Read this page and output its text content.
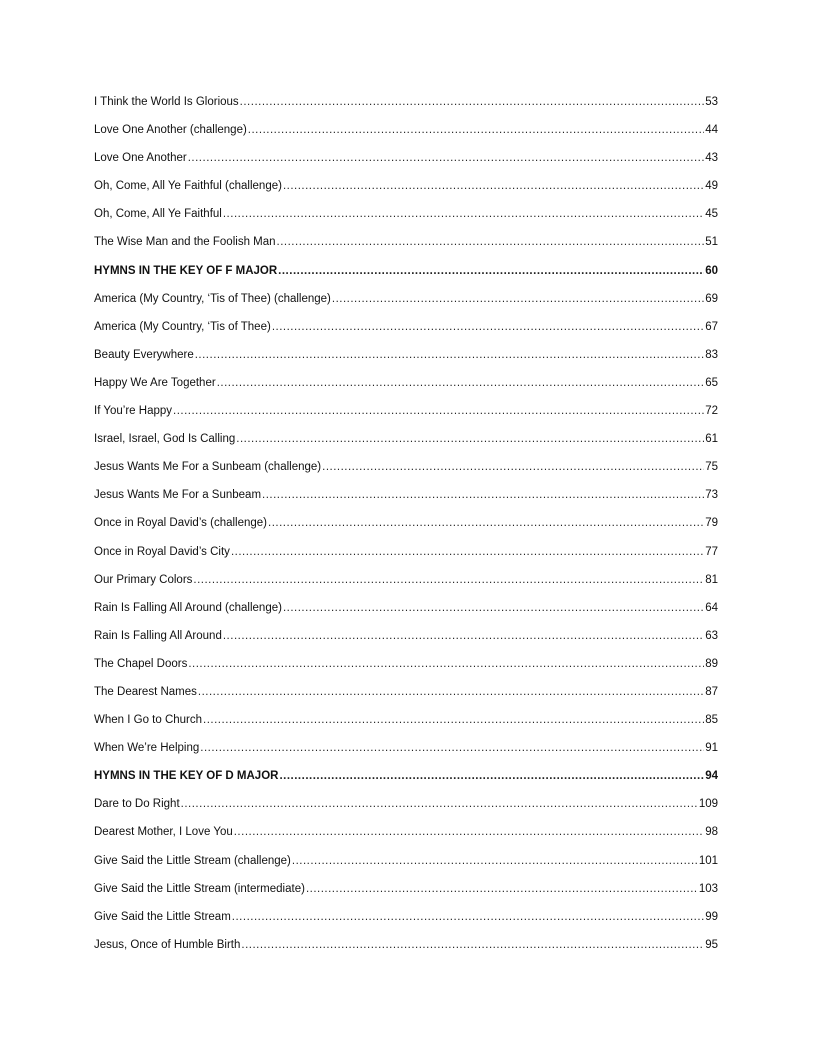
I Think the World Is Glorious .....	53
Love One Another (challenge) .....	44
Love One Another .....	43
Oh, Come, All Ye Faithful (challenge) .....	49
Oh, Come, All Ye Faithful .....	45
The Wise Man and the Foolish Man .....	51
HYMNS IN THE KEY OF F MAJOR .....	60
America (My Country, ‘Tis of Thee) (challenge) .....	69
America (My Country, ‘Tis of Thee) .....	67
Beauty Everywhere .....	83
Happy We Are Together .....	65
If You’re Happy .....	72
Israel, Israel, God Is Calling .....	61
Jesus Wants Me For a Sunbeam (challenge) .....	75
Jesus Wants Me For a Sunbeam .....	73
Once in Royal David’s (challenge) .....	79
Once in Royal David’s City .....	77
Our Primary Colors .....	81
Rain Is Falling All Around (challenge) .....	64
Rain Is Falling All Around .....	63
The Chapel Doors .....	89
The Dearest Names .....	87
When I Go to Church .....	85
When We’re Helping .....	91
HYMNS IN THE KEY OF D MAJOR .....	94
Dare to Do Right .....	109
Dearest Mother, I Love You .....	98
Give Said the Little Stream (challenge) .....	101
Give Said the Little Stream (intermediate) .....	103
Give Said the Little Stream .....	99
Jesus, Once of Humble Birth .....	95
